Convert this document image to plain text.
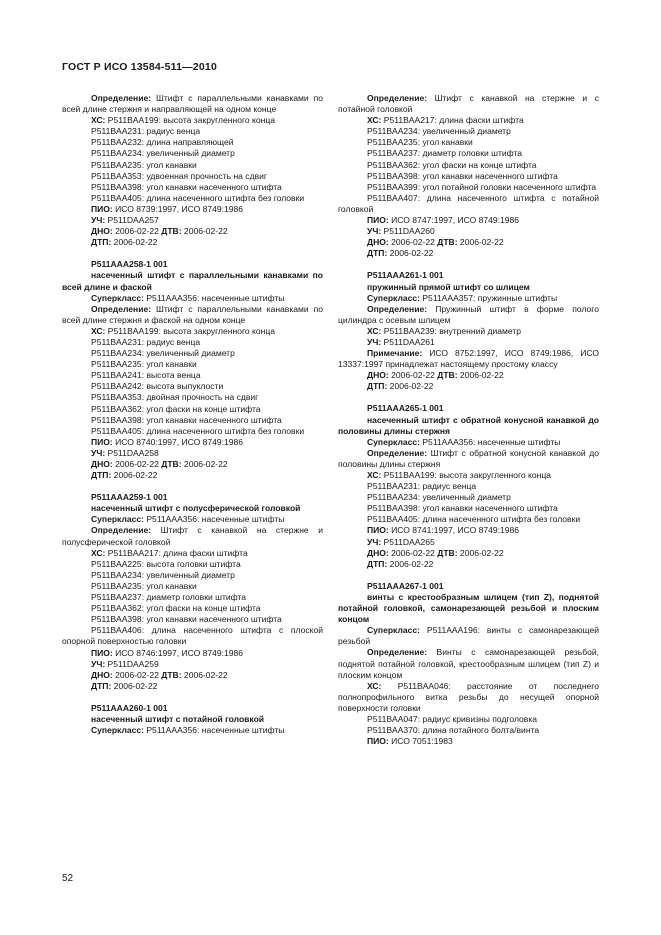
ГОСТ Р ИСО 13584-511—2010
Определение: Штифт с параллельными канавками по всей длине стержня и направляющей на одном конце
ХС: P511BAA199: высота закругленного конца
P511BAA231: радиус венца
P511BAA232: длина направляющей
P511BAA234: увеличенный диаметр
P511BAA235: угол канавки
P511BAA353: удвоенная прочность на сдвиг
P511BAA398: угол канавки насеченного штифта
P511BAA405: длина насеченного штифта без головки
ПИО: ИСО 8739:1997, ИСО 8749:1986
УЧ: P511DAA257
ДНО: 2006-02-22 ДТВ: 2006-02-22
ДТП: 2006-02-22
P511AAA258-1 001
насеченный штифт с параллельными канавками по всей длине и фаской
Суперкласс: P511AAA356: насеченные штифты
Определение: Штифт с параллельными канавками по всей длине стержня и фаской на одном конце
ХС: P511BAA199: высота закругленного конца
P511BAA231: радиус венца
P511BAA234: увеличенный диаметр
P511BAA235: угол канавки
P511BAA241: высота венца
P511BAA242: высота выпуклости
P511BAA353: двойная прочность на сдвиг
P511BAA362: угол фаски на конце штифта
P511BAA398: угол канавки насеченного штифта
P511BAA405: длина насеченного штифта без головки
ПИО: ИСО 8740:1997, ИСО 8749:1986
УЧ: P511DAA258
ДНО: 2006-02-22 ДТВ: 2006-02-22
ДТП: 2006-02-22
P511AAA259-1 001
насеченный штифт с полусферической головкой
Суперкласс: P511AAA356: насеченные штифты
Определение: Штифт с канавкой на стержне и полусферической головкой
ХС: P511BAA217: длина фаски штифта
P511BAA225: высота головки штифта
P511BAA234: увеличенный диаметр
P511BAA235: угол канавки
P511BAA237: диаметр головки штифта
P511BAA362: угол фаски на конце штифта
P511BAA398: угол канавки насеченного штифта
P511BAA406: длина насеченного штифта с плоской опорной поверхностью головки
ПИО: ИСО 8746:1997, ИСО 8749:1986
УЧ: P511DAA259
ДНО: 2006-02-22 ДТВ: 2006-02-22
ДТП: 2006-02-22
P511AAA260-1 001
насеченный штифт с потайной головкой
Суперкласс: P511AAA356: насеченные штифты
Определение: Штифт с канавкой на стержне и с потайной головкой
ХС: P511BAA217: длина фаски штифта
P511BAA234: увеличенный диаметр
P511BAA235: угол канавки
P511BAA237: диаметр головки штифта
P511BAA362: угол фаски на конце штифта
P511BAA398: угол канавки насеченного штифта
P511BAA399: угол потайной головки насеченного штифта
P511BAA407: длина насеченного штифта с потайной головкой
ПИО: ИСО 8747:1997, ИСО 8749:1986
УЧ: P511DAA260
ДНО: 2006-02-22 ДТВ: 2006-02-22
ДТП: 2006-02-22
P511AAA261-1 001
пружинный прямой штифт со шлицем
Суперкласс: P511AAA357: пружинные штифты
Определение: Пружинный штифт в форме полого цилиндра с осевым шлицем
ХС: P511BAA239: внутренний диаметр
УЧ: P511DAA261
Примечание: ИСО 8752:1997, ИСО 8749:1986, ИСО 13337:1997 принадлежат настоящему простому классу
ДНО: 2006-02-22 ДТВ: 2006-02-22
ДТП: 2006-02-22
P511AAA265-1 001
насеченный штифт с обратной конусной канавкой до половины длины стержня
Суперкласс: P511AAA356: насеченные штифты
Определение: Штифт с обратной конусной канавкой до половины длины стержня
ХС: P511BAA199: высота закругленного конца
P511BAA231: радиус венца
P511BAA234: увеличенный диаметр
P511BAA398: угол канавки насеченного штифта
P511BAA405: длина насеченного штифта без головки
ПИО: ИСО 8741:1997, ИСО 8749:1986
УЧ: P511DAA265
ДНО: 2006-02-22 ДТВ: 2006-02-22
ДТП: 2006-02-22
P511AAA267-1 001
винты с крестообразным шлицем (тип Z), поднятой потайной головкой, самонарезающей резьбой и плоским концом
Суперкласс: P511AAA196: винты с самонарезающей резьбой
Определение: Винты с самонарезающей резьбой, поднятой потайной головкой, крестообразным шлицем (тип Z) и плоским концом
ХС: P511BAA046: расстояние от последнего полнопрофильного витка резьбы до несущей опорной поверхности головки
P511BAA047: радиус кривизны подголовка
P511BAA370: длина потайного болта/винта
ПИО: ИСО 7051:1983
52
